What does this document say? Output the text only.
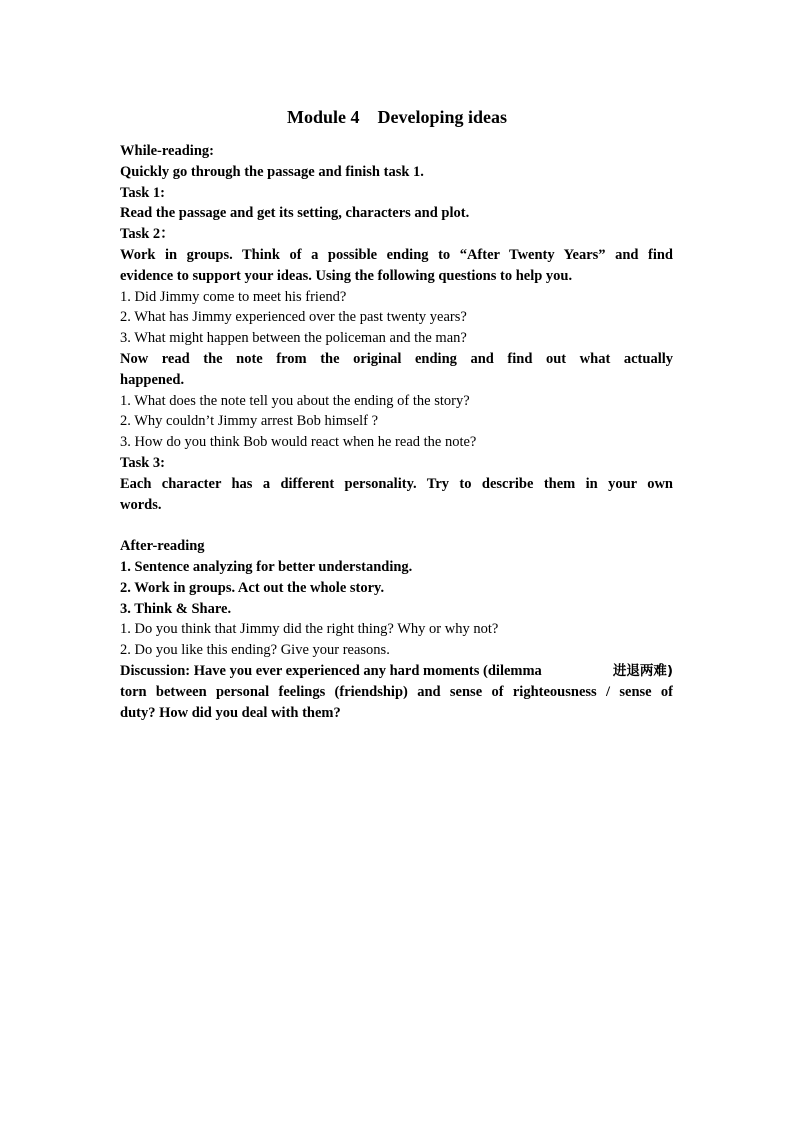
Module 4    Developing ideas
While-reading:
Quickly go through the passage and finish task 1.
Task 1:
Read the passage and get its setting, characters and plot.
Task 2：
Work in groups. Think of a possible ending to “After Twenty Years” and find
evidence to support your ideas. Using the following questions to help you.
1. Did Jimmy come to meet his friend?
2. What has Jimmy experienced over the past twenty years?
3. What might happen between the policeman and the man?
Now read the note from the original ending and find out what actually
happened.
1. What does the note tell you about the ending of the story?
2. Why couldn’t Jimmy arrest Bob himself ?
3. How do you think Bob would react when he read the note?
Task 3:
Each character has a different personality. Try to describe them in your own
words.
After-reading
1. Sentence analyzing for better understanding.
2. Work in groups. Act out the whole story.
3. Think & Share.
1. Do you think that Jimmy did the right thing? Why or why not?
2. Do you like this ending? Give your reasons.
Discussion: Have you ever experienced any hard moments (dilemma	进退两难)
torn between personal feelings (friendship) and sense of righteousness / sense of
duty? How did you deal with them?
